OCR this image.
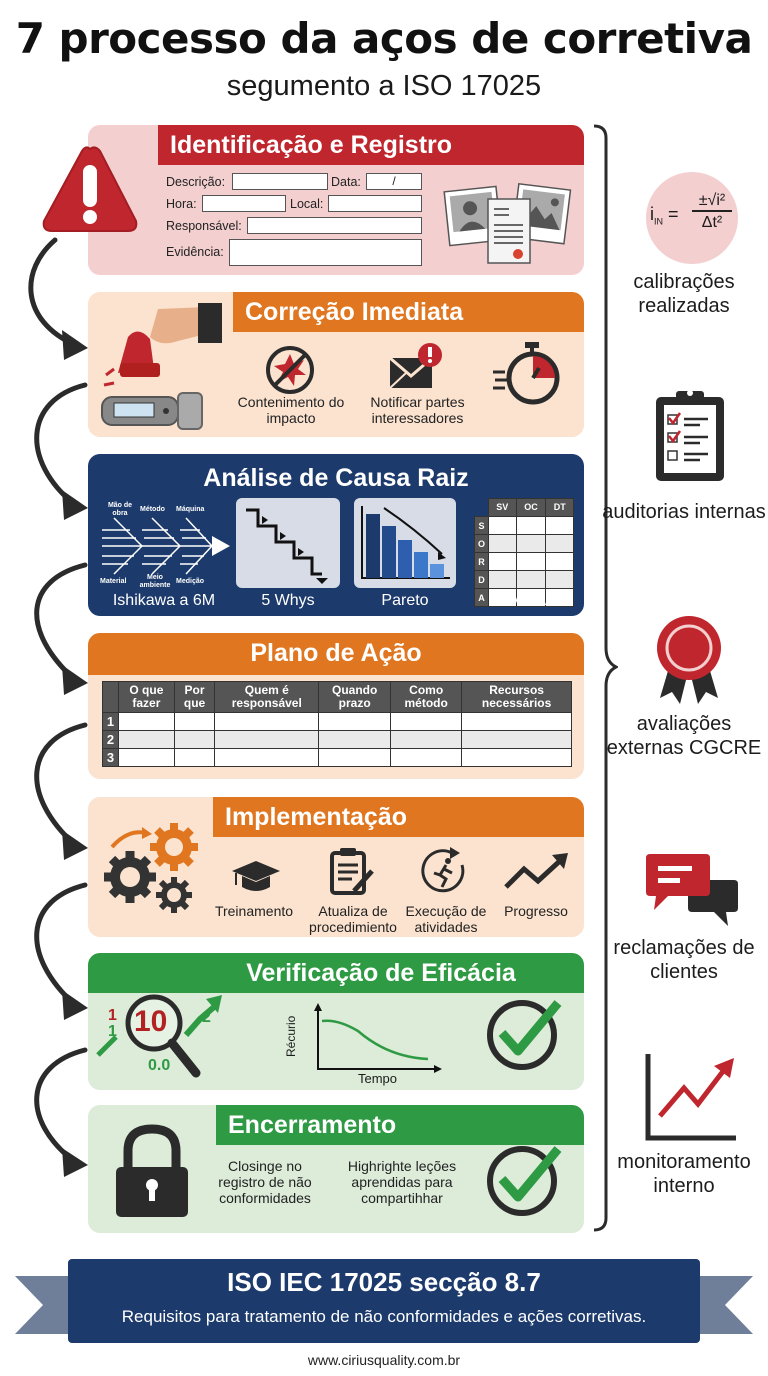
7 processo da aços de corretiva
segumento a ISO 17025
Identificação e Registro
Descrição:	Data:	/
Hora:	Local:
Responsável:
Evidência:
Correção Imediata
Contenimento do impacto
Notificar partes interessadores
Análise de Causa Raiz
Mão de obra
Método Máquina
Material
Meio ambiente
Medição
	SV	OC	DT
S			
O			
R			
D			
A			
Ishikawa a 6M	5 Whys	Pareto	FMEA
Plano de Ação
	O que fazer	Por que	Quem é responsável	Quando prazo	Como método	Recursos necessários
1						
2						
3						
Implementação
Treinamento	Atualiza de procedimiento
Execução de atividades
Progresso
Verificação de Eficácia
10
1
1
2
0.0
Récurio
Tempo
Encerramento
Closinge no registro de não conformidades
Highrighte leções aprendidas para compartihhar
$i_{IN}$ =
±√i²
Δt²
calibrações realizadas
auditorias internas
avaliações externas CGCRE
reclamações de clientes
monitoramento interno
ISO IEC 17025 secção 8.7
Requisitos para tratamento de não conformidades e ações corretivas.
www.ciriusquality.com.br
